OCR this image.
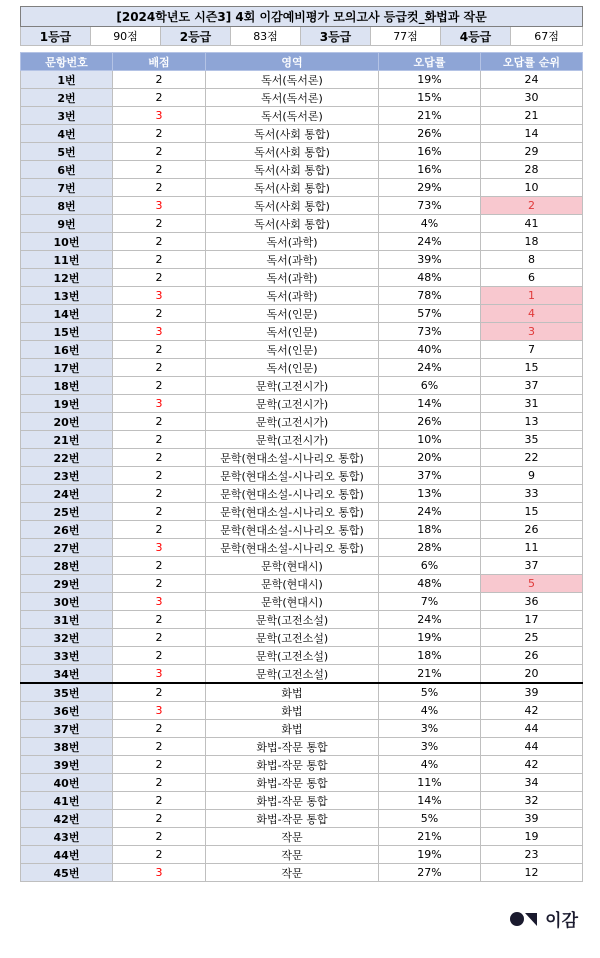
[2024학년도 시즌3] 4회 이감예비평가 모의고사 등급컷_화법과 작문
1등급	90점	2등급	83점	3등급	77점	4등급	67점
문항번호	배점	영역	오답률	오답률 순위
1번	2	독서(독서론)	19%	24
2번	2	독서(독서론)	15%	30
3번	3	독서(독서론)	21%	21
4번	2	독서(사회 통합)	26%	14
5번	2	독서(사회 통합)	16%	29
6번	2	독서(사회 통합)	16%	28
7번	2	독서(사회 통합)	29%	10
8번	3	독서(사회 통합)	73%	2
9번	2	독서(사회 통합)	4%	41
10번	2	독서(과학)	24%	18
11번	2	독서(과학)	39%	8
12번	2	독서(과학)	48%	6
13번	3	독서(과학)	78%	1
14번	2	독서(인문)	57%	4
15번	3	독서(인문)	73%	3
16번	2	독서(인문)	40%	7
17번	2	독서(인문)	24%	15
18번	2	문학(고전시가)	6%	37
19번	3	문학(고전시가)	14%	31
20번	2	문학(고전시가)	26%	13
21번	2	문학(고전시가)	10%	35
22번	2	문학(현대소설-시나리오 통합)	20%	22
23번	2	문학(현대소설-시나리오 통합)	37%	9
24번	2	문학(현대소설-시나리오 통합)	13%	33
25번	2	문학(현대소설-시나리오 통합)	24%	15
26번	2	문학(현대소설-시나리오 통합)	18%	26
27번	3	문학(현대소설-시나리오 통합)	28%	11
28번	2	문학(현대시)	6%	37
29번	2	문학(현대시)	48%	5
30번	3	문학(현대시)	7%	36
31번	2	문학(고전소설)	24%	17
32번	2	문학(고전소설)	19%	25
33번	2	문학(고전소설)	18%	26
34번	3	문학(고전소설)	21%	20
35번	2	화법	5%	39
36번	3	화법	4%	42
37번	2	화법	3%	44
38번	2	화법-작문 통합	3%	44
39번	2	화법-작문 통합	4%	42
40번	2	화법-작문 통합	11%	34
41번	2	화법-작문 통합	14%	32
42번	2	화법-작문 통합	5%	39
43번	2	작문	21%	19
44번	2	작문	19%	23
45번	3	작문	27%	12
이감
